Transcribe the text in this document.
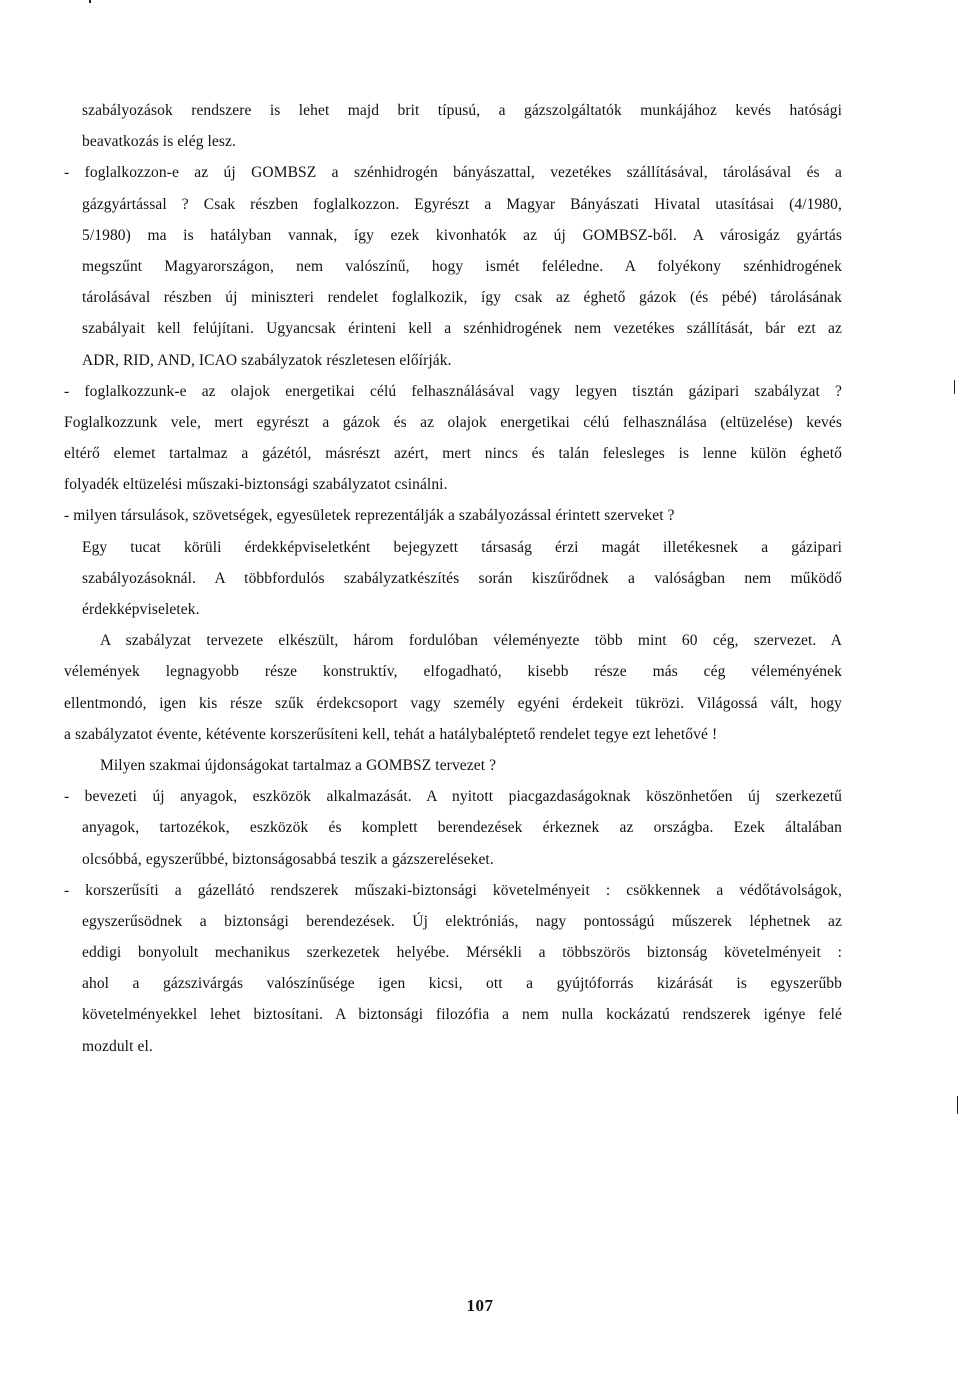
szabályozások rendszere is lehet majd brit típusú, a gázszolgáltatók munkájához kevés hatósági
beavatkozás is elég lesz.
- foglalkozzon-e az új GOMBSZ a szénhidrogén bányászattal, vezetékes szállításával, tárolásával és a
gázgyártással ? Csak részben foglalkozzon. Egyrészt a Magyar Bányászati Hivatal utasításai (4/1980,
5/1980) ma is hatályban vannak, így ezek kivonhatók az új GOMBSZ-ből. A városigáz gyártás
megszűnt Magyarországon, nem valószínű, hogy ismét feléledne. A folyékony szénhidrogének
tárolásával részben új miniszteri rendelet foglalkozik, így csak az éghető gázok (és pébé) tárolásának
szabályait kell felújítani. Ugyancsak érinteni kell a szénhidrogének nem vezetékes szállítását, bár ezt az
ADR, RID, AND, ICAO szabályzatok részletesen előírják.
- foglalkozzunk-e az olajok energetikai célú felhasználásával vagy legyen tisztán gázipari szabályzat ?
Foglalkozzunk vele, mert egyrészt a gázok és az olajok energetikai célú felhasználása (eltüzelése) kevés
eltérő elemet tartalmaz a gázétól, másrészt azért, mert nincs és talán felesleges is lenne külön éghető
folyadék eltüzelési műszaki-biztonsági szabályzatot csinálni.
- milyen társulások, szövetségek, egyesületek reprezentálják a szabályozással érintett szerveket ?
Egy tucat körüli érdekképviseletként bejegyzett társaság érzi magát illetékesnek a gázipari
szabályozásoknál. A többfordulós szabályzatkészítés során kiszűrődnek a valóságban nem működő
érdekképviseletek.
A szabályzat tervezete elkészült, három fordulóban véleményezte több mint 60 cég, szervezet. A
vélemények legnagyobb része konstruktív, elfogadható, kisebb része más cég véleményének
ellentmondó, igen kis része szűk érdekcsoport vagy személy egyéni érdekeit tükrözi. Világossá vált, hogy
a szabályzatot évente, kétévente korszerűsíteni kell, tehát a hatálybaléptető rendelet tegye ezt lehetővé !
Milyen szakmai újdonságokat tartalmaz a GOMBSZ tervezet ?
- bevezeti új anyagok, eszközök alkalmazását. A nyitott piacgazdaságoknak köszönhetően új szerkezetű
anyagok, tartozékok, eszközök és komplett berendezések érkeznek az országba. Ezek általában
olcsóbbá, egyszerűbbé, biztonságosabbá teszik a gázszereléseket.
- korszerűsíti a gázellátó rendszerek műszaki-biztonsági követelményeit : csökkennek a védőtávolságok,
egyszerűsödnek a biztonsági berendezések. Új elektróniás, nagy pontosságú műszerek léphetnek az
eddigi bonyolult mechanikus szerkezetek helyébe. Mérsékli a többszörös biztonság követelményeit :
ahol a gázszivárgás valószínűsége igen kicsi, ott a gyújtóforrás kizárását is egyszerűbb
követelményekkel lehet biztosítani. A biztonsági filozófia a nem nulla kockázatú rendszerek igénye felé
mozdult el.
107
